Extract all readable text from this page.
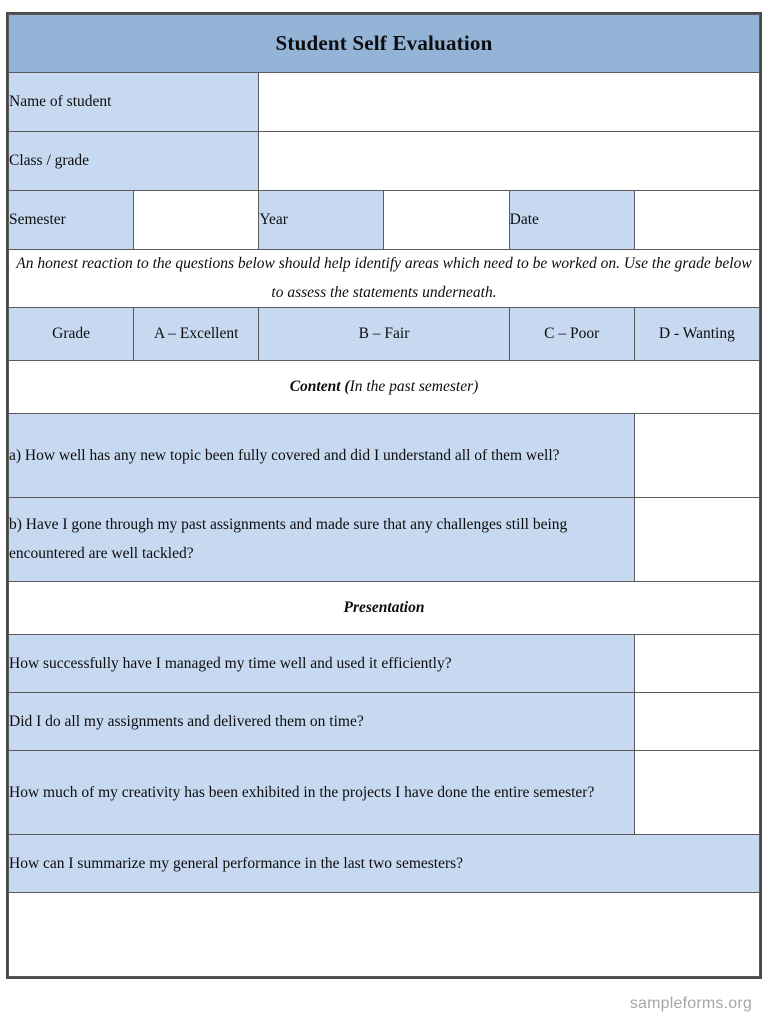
Student Self Evaluation					
Name of student					
Class / grade					
Semester		Year		Date	
An honest reaction to the questions below should help identify areas which need to be worked on. Use the grade below to assess the statements underneath.					
Grade	A – Excellent	B – Fair		C – Poor	D - Wanting
Content (In the past semester)					
a) How well has any new topic been fully covered and did I understand all of them well?					
b) Have I gone through my past assignments and made sure that any challenges still being encountered are well tackled?					
Presentation					
How successfully have I managed my time well and used it efficiently?					
Did I do all my assignments and delivered them on time?					
How much of my creativity has been exhibited in the projects I have done the entire semester?					
How can I summarize my general performance in the last two semesters?					

sampleforms.org
